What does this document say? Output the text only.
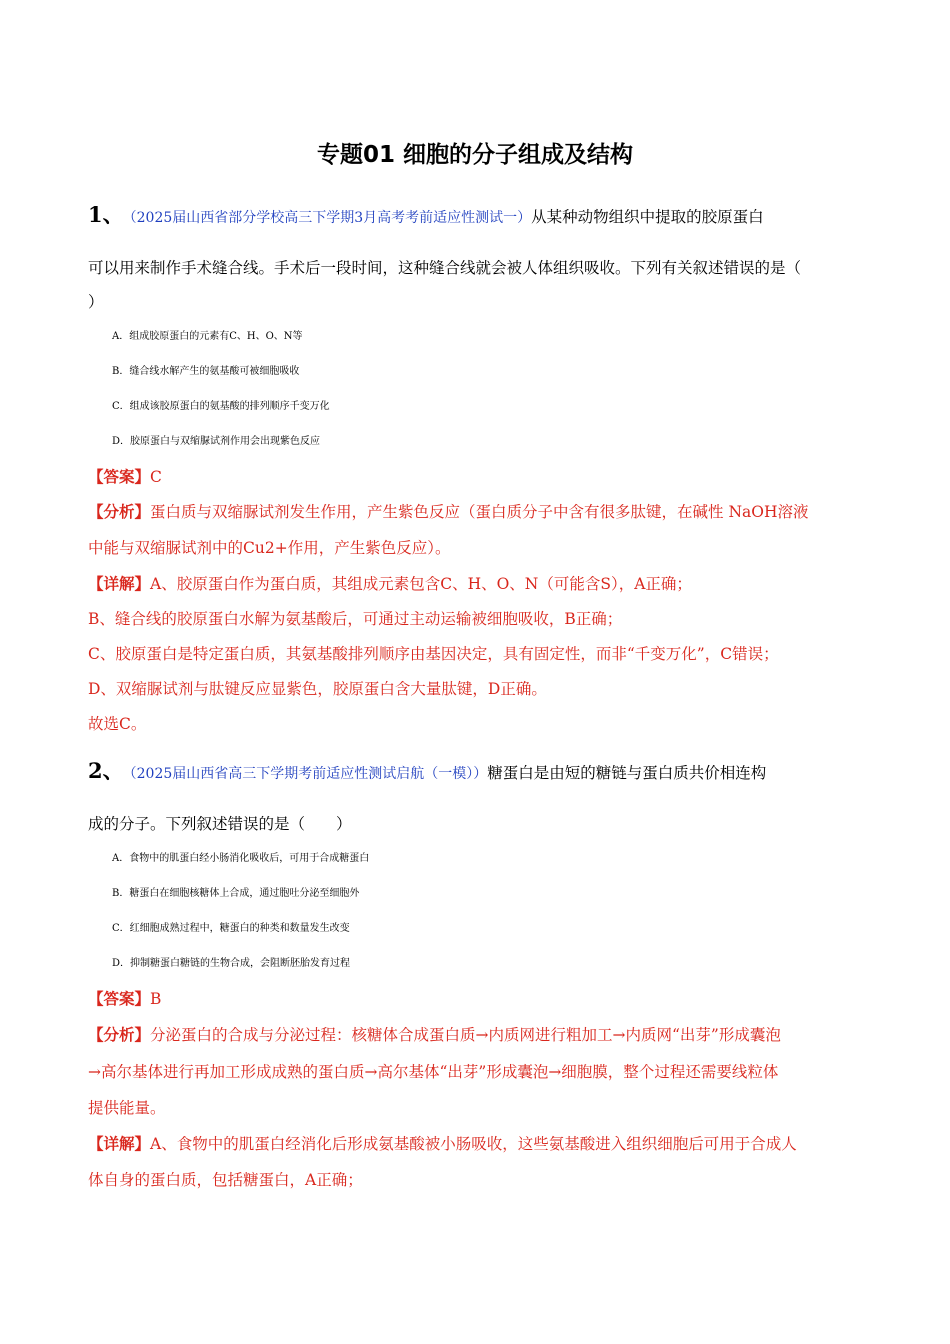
专题01 细胞的分子组成及结构
1、 （2025届山西省部分学校高三下学期3月高考考前适应性测试一）从某种动物组织中提取的胶原蛋白
可以用来制作手术缝合线。手术后一段时间，这种缝合线就会被人体组织吸收。下列有关叙述错误的是（
）
A．组成胶原蛋白的元素有C、H、O、N等
B．缝合线水解产生的氨基酸可被细胞吸收
C．组成该胶原蛋白的氨基酸的排列顺序千变万化
D．胶原蛋白与双缩脲试剂作用会出现紫色反应
【答案】C
【分析】蛋白质与双缩脲试剂发生作用，产生紫色反应（蛋白质分子中含有很多肽键，在碱性 NaOH溶液
中能与双缩脲试剂中的Cu2+作用，产生紫色反应）。
【详解】A、胶原蛋白作为蛋白质，其组成元素包含C、H、O、N（可能含S），A正确；
B、缝合线的胶原蛋白水解为氨基酸后，可通过主动运输被细胞吸收，B正确；
C、胶原蛋白是特定蛋白质，其氨基酸排列顺序由基因决定，具有固定性，而非“千变万化”，C错误；
D、双缩脲试剂与肽键反应显紫色，胶原蛋白含大量肽键，D正确。
故选C。
2、 （2025届山西省高三下学期考前适应性测试启航（一模））糖蛋白是由短的糖链与蛋白质共价相连构
成的分子。下列叙述错误的是（　　）
A．食物中的肌蛋白经小肠消化吸收后，可用于合成糖蛋白
B．糖蛋白在细胞核糖体上合成，通过胞吐分泌至细胞外
C．红细胞成熟过程中，糖蛋白的种类和数量发生改变
D．抑制糖蛋白糖链的生物合成，会阻断胚胎发育过程
【答案】B
【分析】分泌蛋白的合成与分泌过程：核糖体合成蛋白质→内质网进行粗加工→内质网“出芽”形成囊泡
→高尔基体进行再加工形成成熟的蛋白质→高尔基体“出芽”形成囊泡→细胞膜，整个过程还需要线粒体
提供能量。
【详解】A、食物中的肌蛋白经消化后形成氨基酸被小肠吸收，这些氨基酸进入组织细胞后可用于合成人
体自身的蛋白质，包括糖蛋白，A正确；
